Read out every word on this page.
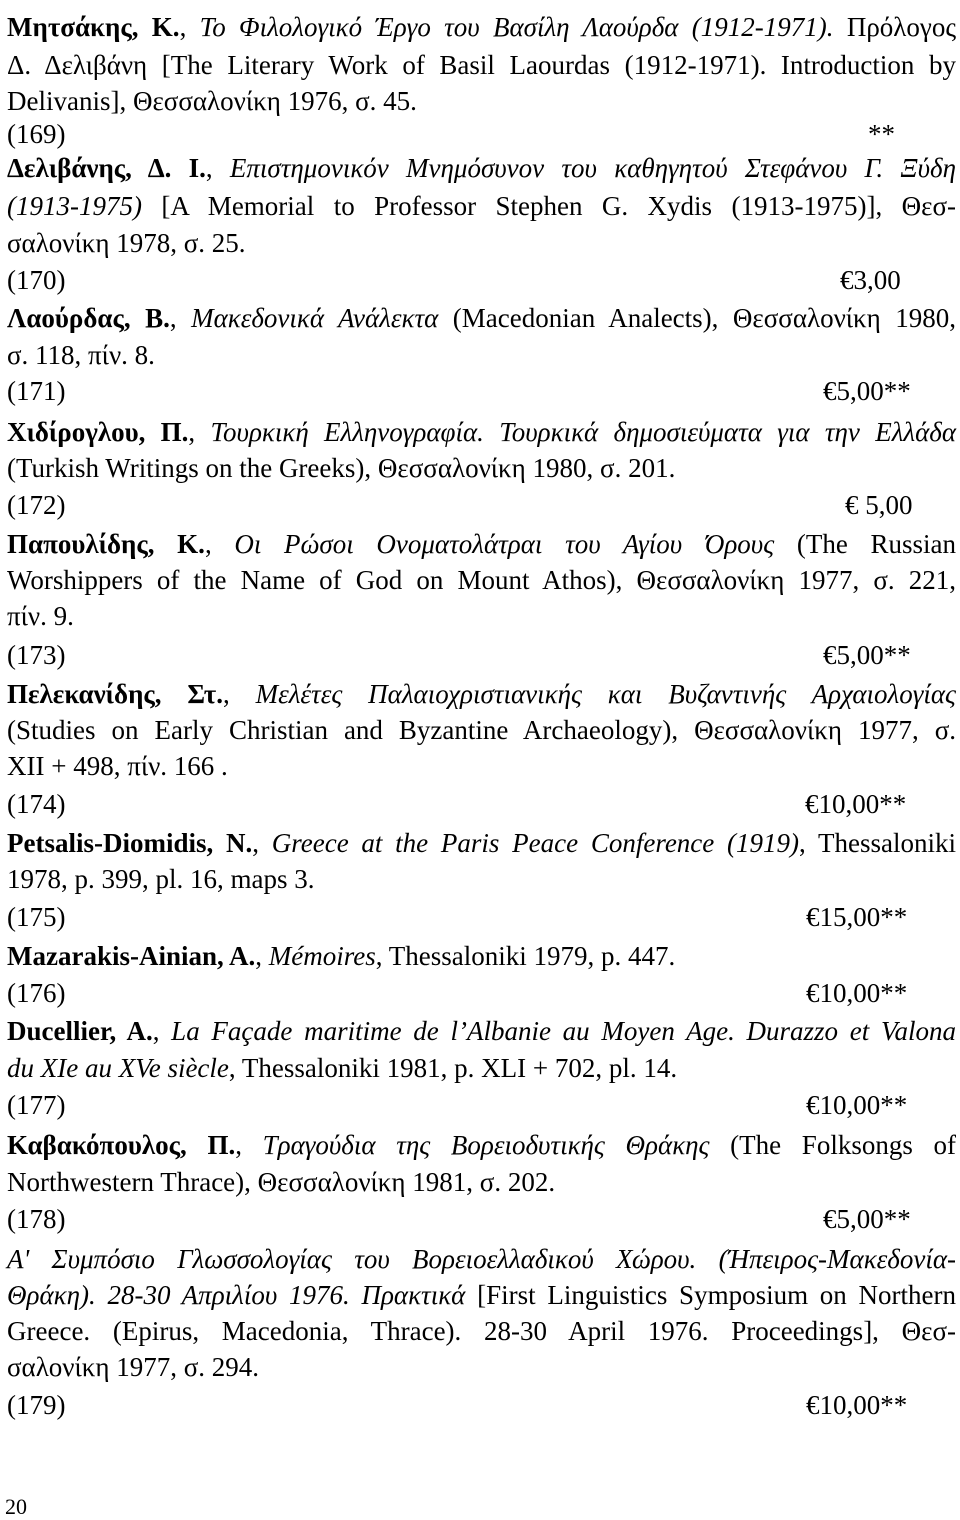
Μητσάκης, Κ., Το Φιλολογικό Έργο του Βασίλη Λαούρδα (1912-1971). Πρόλογος
Δ. Δελιβάνη [The Literary Work of Basil Laourdas (1912-1971). Introduction by
Delivanis], Θεσσαλονίκη 1976, σ. 45.
(169)	**
Δελιβάνης, Δ. Ι., Επιστημονικόν Μνημόσυνον του καθηγητού Στεφάνου Γ. Ξύδη
(1913-1975) [A Memorial to Professor Stephen G. Xydis (1913-1975)], Θεσ-
σαλονίκη 1978, σ. 25.
(170)	€3,00
Λαούρδας, Β., Μακεδονικά Ανάλεκτα (Macedonian Analects), Θεσσαλονίκη 1980,
σ. 118, πίν. 8.
(171)	€5,00**
Χιδίρογλου, Π., Τουρκική Ελληνογραφία. Τουρκικά δημοσιεύματα για την Ελλάδα
(Turkish Writings on the Greeks), Θεσσαλονίκη 1980, σ. 201.
(172)	€ 5,00
Παπουλίδης, Κ., Οι Ρώσοι Ονοματολάτραι του Αγίου Όρους (The Russian
Worshippers of the Name of God on Mount Athos), Θεσσαλονίκη 1977, σ. 221,
πίν. 9.
(173)	€5,00**
Πελεκανίδης, Στ., Μελέτες Παλαιοχριστιανικής και Βυζαντινής Αρχαιολογίας
(Studies on Early Christian and Byzantine Archaeology), Θεσσαλονίκη 1977, σ.
XII + 498, πίν. 166 .
(174)	€10,00**
Petsalis-Diomidis, N., Greece at the Paris Peace Conference (1919), Thessaloniki
1978, p. 399, pl. 16, maps 3.
(175)	€15,00**
Mazarakis-Ainian, A., Mémoires, Thessaloniki 1979, p. 447.
(176)	€10,00**
Ducellier, A., La Façade maritime de l’Albanie au Moyen Age. Durazzo et Valona
du XIe au XVe siècle, Thessaloniki 1981, p. XLI + 702, pl. 14.
(177)	€10,00**
Καβακόπουλος, Π., Τραγούδια της Βορειοδυτικής Θράκης (The Folksongs of
Northwestern Thrace), Θεσσαλονίκη 1981, σ. 202.
(178)	€5,00**
Α' Συμπόσιο Γλωσσολογίας του Βορειοελλαδικού Χώρου. (Ήπειρος-Μακεδονία-
Θράκη). 28-30 Απριλίου 1976. Πρακτικά [First Linguistics Symposium on Northern
Greece. (Epirus, Macedonia, Thrace). 28-30 April 1976. Proceedings], Θεσ-
σαλονίκη 1977, σ. 294.
(179)	€10,00**
20
